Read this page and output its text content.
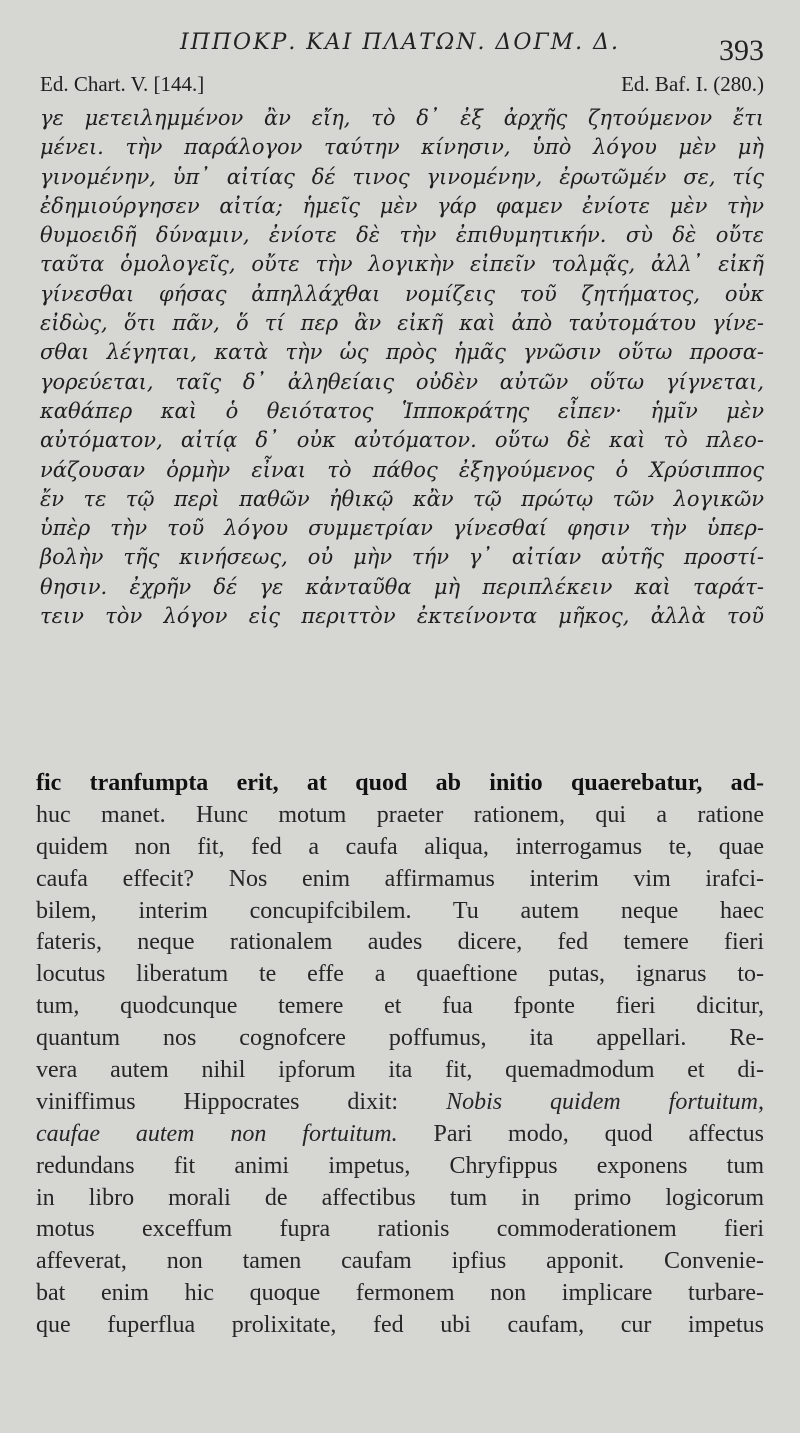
ΙΠΠΟΚΡ. ΚΑΙ ΠΛΑΤΩΝ. ΔΟΓΜ. Δ.	393
Ed. Chart. V. [144.]	Ed. Baf. I. (280.)
γε μετειλημμένον ἂν εἴη, τὸ δ᾽ ἐξ ἀρχῆς ζητούμενον ἔτι
μένει. τὴν παράλογον ταύτην κίνησιν, ὑπὸ λόγου μὲν μὴ
γινομένην, ὑπ᾽ αἰτίας δέ τινος γινομένην, ἐρωτῶμέν σε, τίς
ἐδημιούργησεν αἰτία; ἡμεῖς μὲν γάρ φαμεν ἐνίοτε μὲν τὴν
θυμοειδῆ δύναμιν, ἐνίοτε δὲ τὴν ἐπιθυμητικήν. σὺ δὲ οὔτε
ταῦτα ὁμολογεῖς, οὔτε τὴν λογικὴν εἰπεῖν τολμᾷς, ἀλλ᾽ εἰκῆ
γίνεσθαι φήσας ἀπηλλάχθαι νομίζεις τοῦ ζητήματος, οὐκ
εἰδὼς, ὅτι πᾶν, ὅ τί περ ἂν εἰκῆ καὶ ἀπὸ ταὐτομάτου γίνε-
σθαι λέγηται, κατὰ τὴν ὡς πρὸς ἡμᾶς γνῶσιν οὕτω προσα-
γορεύεται, ταῖς δ᾽ ἀληθείαις οὐδὲν αὐτῶν οὕτω γίγνεται,
καθάπερ καὶ ὁ θειότατος Ἱπποκράτης εἶπεν· ἡμῖν μὲν
αὐτόματον, αἰτίᾳ δ᾽ οὐκ αὐτόματον. οὕτω δὲ καὶ τὸ πλεο-
νάζουσαν ὁρμὴν εἶναι τὸ πάθος ἐξηγούμενος ὁ Χρύσιππος
ἔν τε τῷ περὶ παθῶν ἠθικῷ κἂν τῷ πρώτῳ τῶν λογικῶν
ὑπὲρ τὴν τοῦ λόγου συμμετρίαν γίνεσθαί φησιν τὴν ὑπερ-
βολὴν τῆς κινήσεως, οὐ μὴν τήν γ᾽ αἰτίαν αὐτῆς προστί-
θησιν. ἐχρῆν δέ γε κἀνταῦθα μὴ περιπλέκειν καὶ ταράτ-
τειν τὸν λόγον εἰς περιττὸν ἐκτείνοντα μῆκος, ἀλλὰ τοῦ
fic tranfumpta erit, at quod ab initio quaerebatur, ad-
huc manet. Hunc motum praeter rationem, qui a ratione
quidem non fit, fed a caufa aliqua, interrogamus te, quae
caufa effecit? Nos enim affirmamus interim vim irafci-
bilem, interim concupifcibilem. Tu autem neque haec
fateris, neque rationalem audes dicere, fed temere fieri
locutus liberatum te effe a quaeftione putas, ignarus to-
tum, quodcunque temere et fua fponte fieri dicitur,
quantum nos cognofcere poffumus, ita appellari. Re-
vera autem nihil ipforum ita fit, quemadmodum et di-
viniffimus Hippocrates dixit: Nobis quidem fortuitum,
caufae autem non fortuitum. Pari modo, quod affectus
redundans fit animi impetus, Chryfippus exponens tum
in libro morali de affectibus tum in primo logicorum
motus exceffum fupra rationis commoderationem fieri
affeverat, non tamen caufam ipfius apponit. Convenie-
bat enim hic quoque fermonem non implicare turbare-
que fuperflua prolixitate, fed ubi caufam, cur impetus
